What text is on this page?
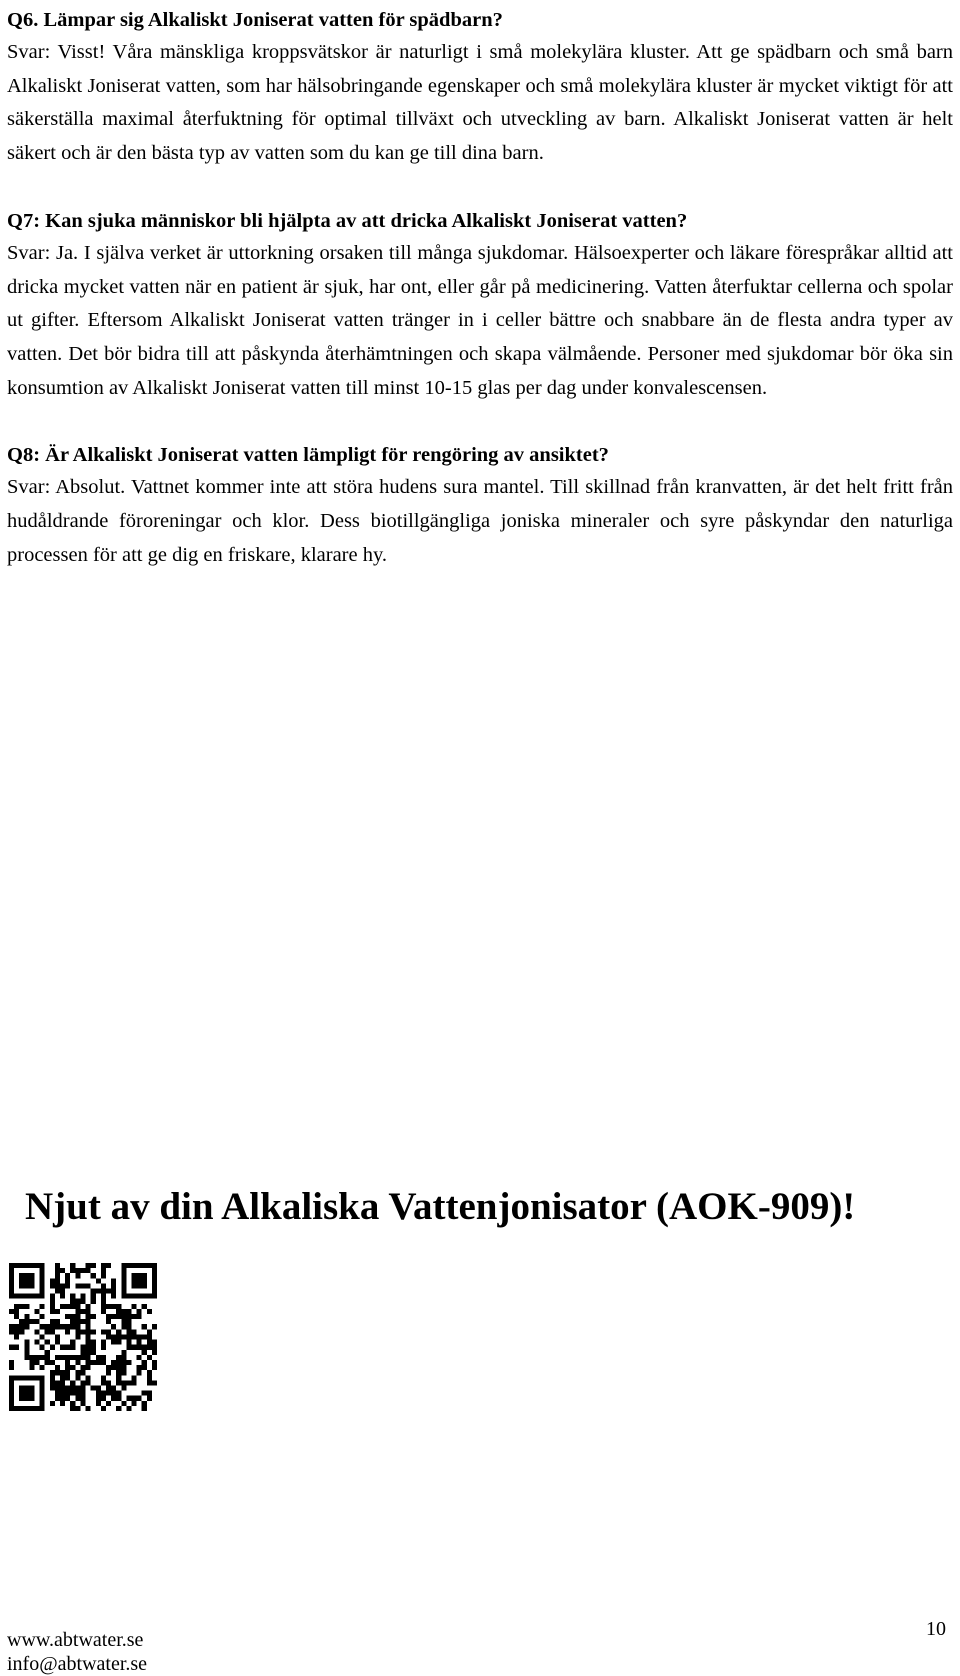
Q6. Lämpar sig Alkaliskt Joniserat vatten för spädbarn?

Svar: Visst! Våra mänskliga kroppsvätskor är naturligt i små molekylära kluster. Att ge spädbarn och små barn Alkaliskt Joniserat vatten, som har hälsobringande egenskaper och små molekylära kluster är mycket viktigt för att säkerställa maximal återfuktning för optimal tillväxt och utveckling av barn. Alkaliskt Joniserat vatten är helt säkert och är den bästa typ av vatten som du kan ge till dina barn.

Q7: Kan sjuka människor bli hjälpta av att dricka Alkaliskt Joniserat vatten?

Svar: Ja. I själva verket är uttorkning orsaken till många sjukdomar. Hälsoexperter och läkare förespråkar alltid att dricka mycket vatten när en patient är sjuk, har ont, eller går på medicinering. Vatten återfuktar cellerna och spolar ut gifter. Eftersom Alkaliskt Joniserat vatten tränger in i celler bättre och snabbare än de flesta andra typer av vatten. Det bör bidra till att påskynda återhämtningen och skapa välmående. Personer med sjukdomar bör öka sin konsumtion av Alkaliskt Joniserat vatten till minst 10-15 glas per dag under konvalescensen.

Q8: Är Alkaliskt Joniserat vatten lämpligt för rengöring av ansiktet?

Svar: Absolut. Vattnet kommer inte att störa hudens sura mantel. Till skillnad från kranvatten, är det helt fritt från hudåldrande föroreningar och klor. Dess biotillgängliga joniska mineraler och syre påskyndar den naturliga processen för att ge dig en friskare, klarare hy.

Njut av din Alkaliska Vattenjonisator (AOK-909)!

10

www.abtwater.se
info@abtwater.se
